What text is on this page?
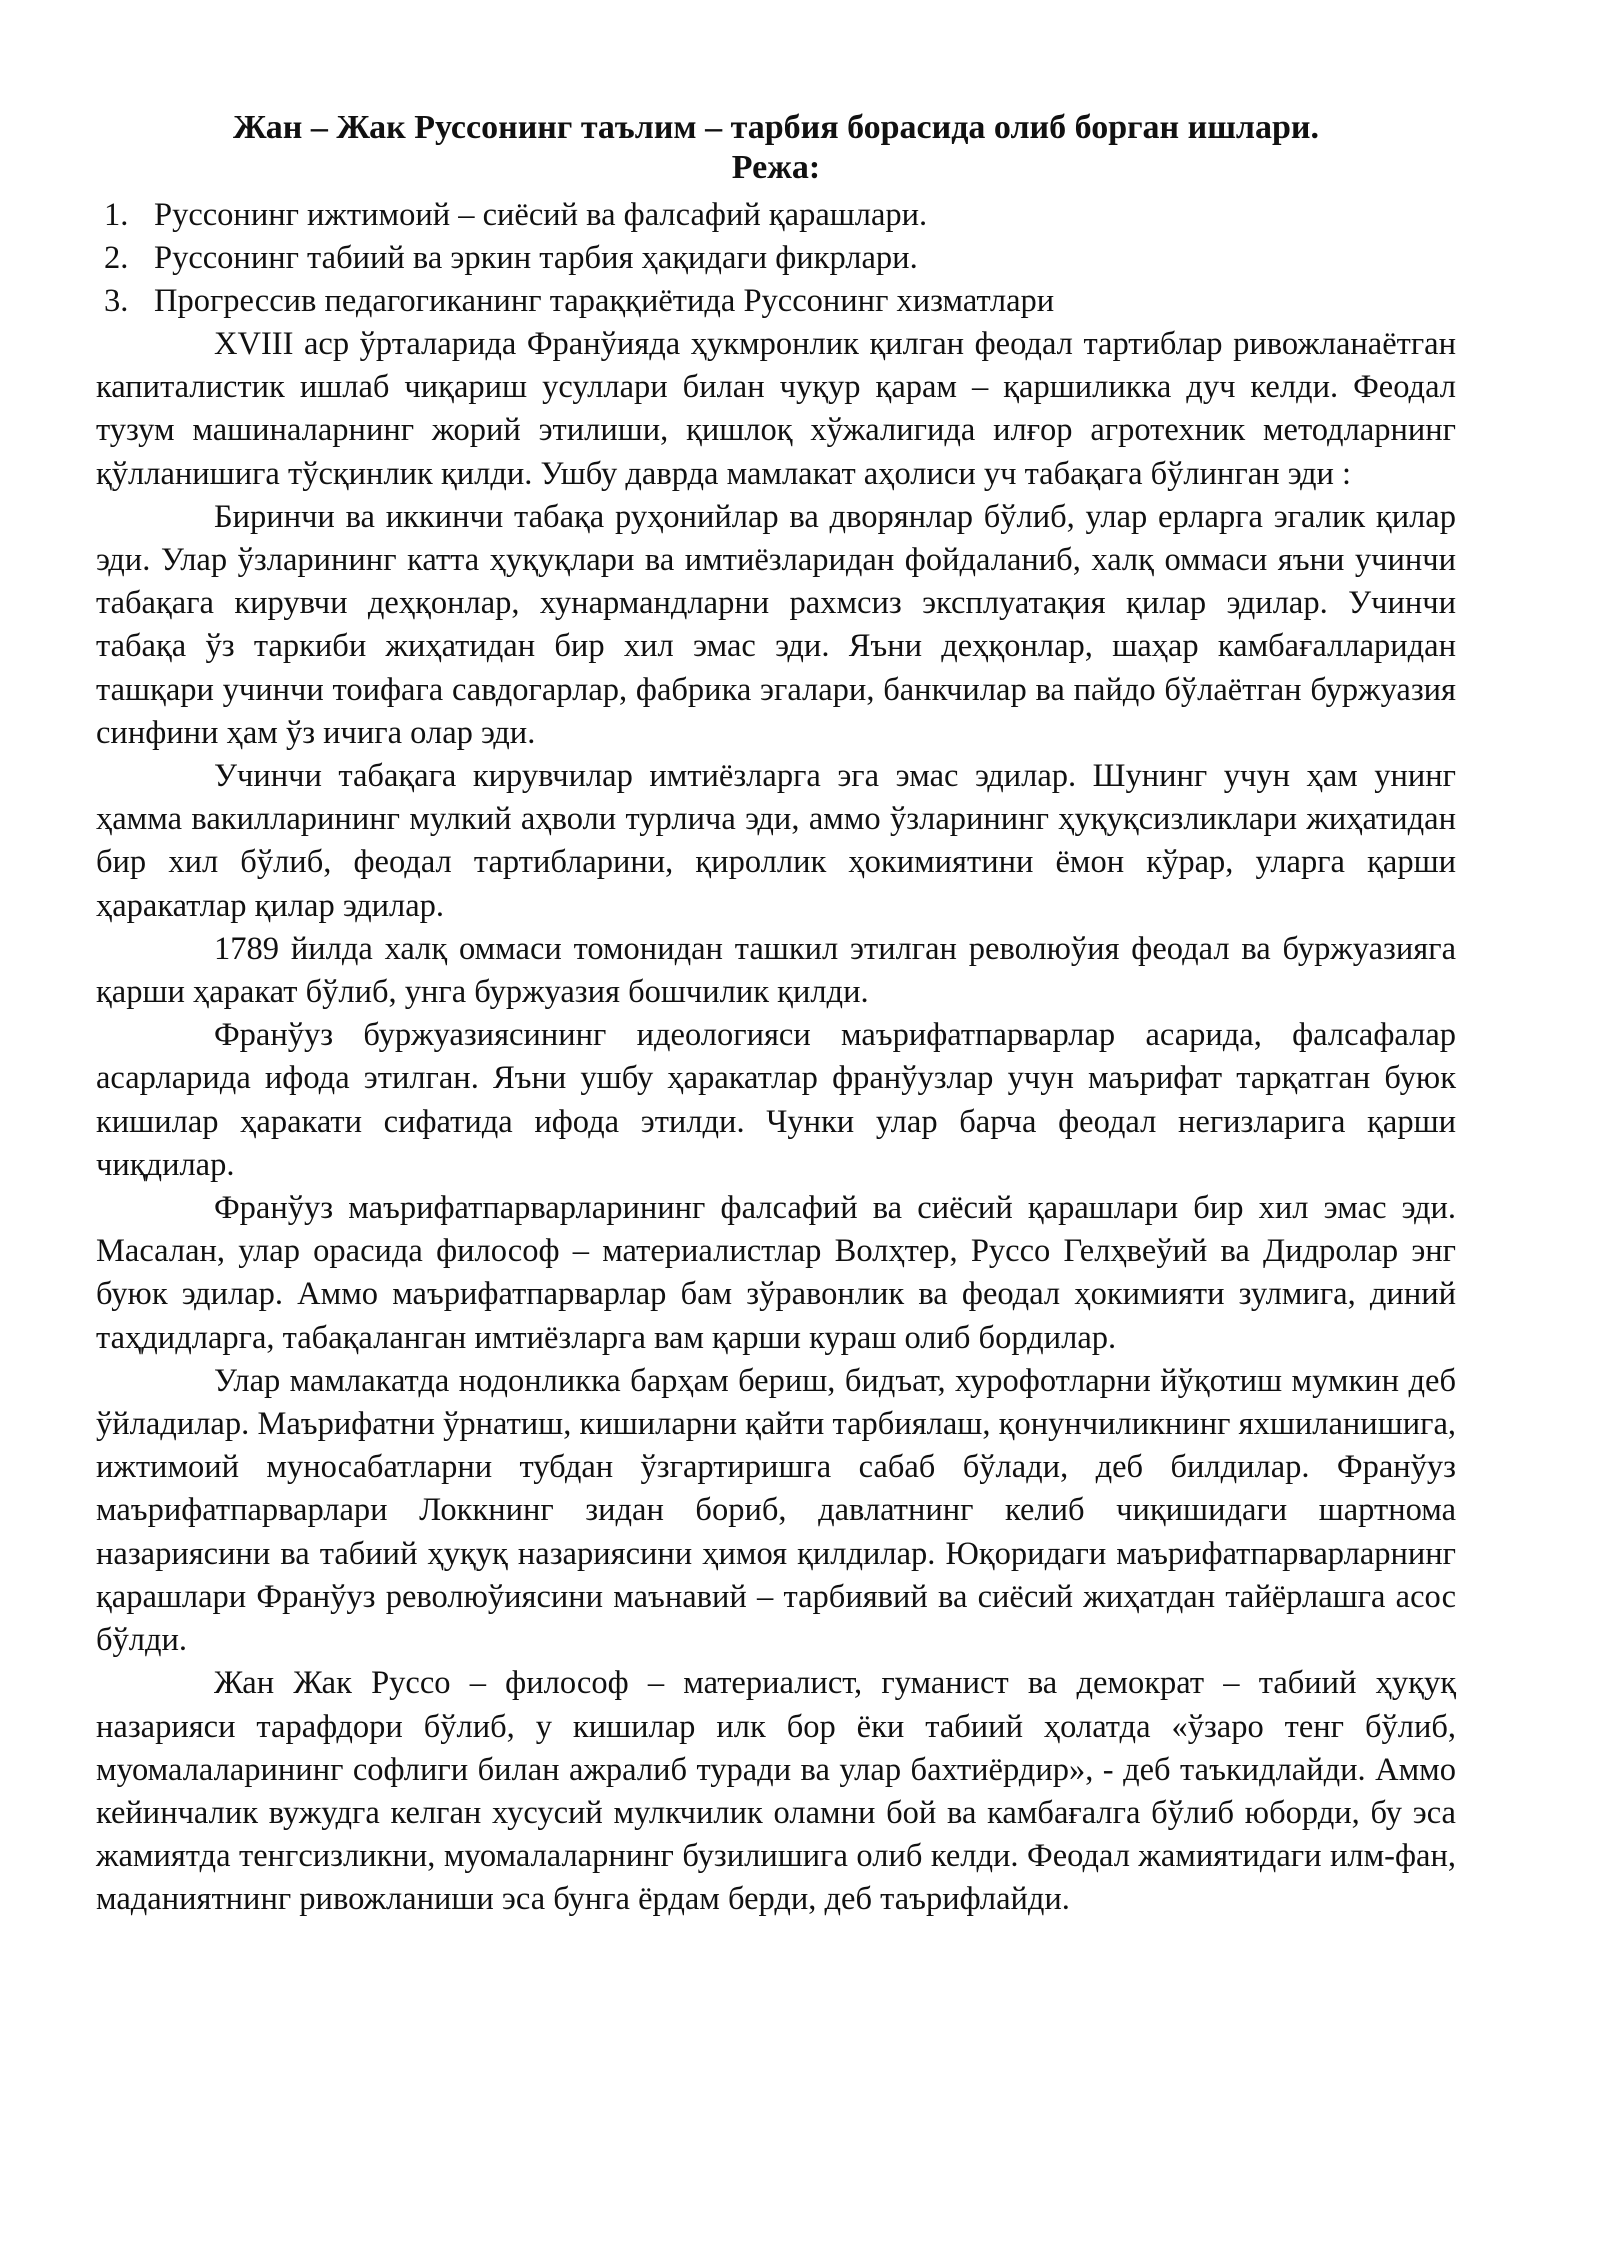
Жан – Жак Руссонинг таълим – тарбия борасида олиб борган ишлари.
Режа:
1. Руссонинг ижтимоий – сиёсий ва фалсафий қарашлари.
2. Руссонинг табиий ва эркин тарбия ҳақидаги фикрлари.
3. Прогрессив педагогиканинг тараққиётида Руссонинг хизматлари

XVIII аср ўрталарида Франўияда ҳукмронлик қилган феодал тартиблар ривожланаётган капиталистик ишлаб чиқариш усуллари билан чуқур қарам – қаршиликка дуч келди. Феодал тузум машиналарнинг жорий этилиши, қишлоқ хўжалигида илғор агротехник методларнинг қўлланишига тўсқинлик қилди. Ушбу даврда мамлакат аҳолиси уч табақага бўлинган эди :

Биринчи ва иккинчи табақа руҳонийлар ва дворянлар бўлиб, улар ерларга эгалик қилар эди. Улар ўзларининг катта ҳуқуқлари ва имтиёзларидан фойдаланиб, халқ оммаси яъни учинчи табақага кирувчи деҳқонлар, хунармандларни рахмсиз эксплуатақия қилар эдилар. Учинчи табақа ўз таркиби жиҳатидан бир хил эмас эди. Яъни деҳқонлар, шаҳар камбағалларидан ташқари учинчи тоифага савдогарлар, фабрика эгалари, банкчилар ва пайдо бўлаётган буржуазия синфини ҳам ўз ичига олар эди.

Учинчи табақага кирувчилар имтиёзларга эга эмас эдилар. Шунинг учун ҳам унинг ҳамма вакилларининг мулкий аҳволи турлича эди, аммо ўзларининг ҳуқуқсизликлари жиҳатидан бир хил бўлиб, феодал тартибларини, қироллик ҳокимиятини ёмон кўрар, уларга қарши ҳаракатлар қилар эдилар.

1789 йилда халқ оммаси томонидан ташкил этилган революўия феодал ва буржуазияга қарши ҳаракат бўлиб, унга буржуазия бошчилик қилди.

Франўуз буржуазиясининг идеологияси маърифатпарварлар асарида, фалсафалар асарларида ифода этилган. Яъни ушбу ҳаракатлар франўузлар учун маърифат тарқатган буюк кишилар ҳаракати сифатида ифода этилди. Чунки улар барча феодал негизларига қарши чиқдилар.

Франўуз маърифатпарварларининг фалсафий ва сиёсий қарашлари бир хил эмас эди. Масалан, улар орасида философ – материалистлар Волҳтер, Руссо Гелҳвеўий ва Дидролар энг буюк эдилар. Аммо маърифатпарварлар бам зўравонлик ва феодал ҳокимияти зулмига, диний таҳдидларга, табақаланган имтиёзларга вам қарши кураш олиб бордилар.

Улар мамлакатда нодонликка барҳам бериш, бидъат, хурофотларни йўқотиш мумкин деб ўйладилар. Маърифатни ўрнатиш, кишиларни қайти тарбиялаш, қонунчиликнинг яхшиланишига, ижтимоий муносабатларни тубдан ўзгартиришга сабаб бўлади, деб билдилар. Франўуз маърифатпарварлари Локкнинг зидан бориб, давлатнинг келиб чиқишидаги шартнома назариясини ва табиий ҳуқуқ назариясини ҳимоя қилдилар. Юқоридаги маърифатпарварларнинг қарашлари Франўуз революўиясини маънавий – тарбиявий ва сиёсий жиҳатдан тайёрлашга асос бўлди.

Жан Жак Руссо – философ – материалист, гуманист ва демократ – табиий ҳуқуқ назарияси тарафдори бўлиб, у кишилар илк бор ёки табиий ҳолатда «ўзаро тенг бўлиб, муомалаларининг софлиги билан ажралиб туради ва улар бахтиёрдир», - деб таъкидлайди. Аммо кейинчалик вужудга келган хусусий мулкчилик оламни бой ва камбағалга бўлиб юборди, бу эса жамиятда тенгсизликни, муомалаларнинг бузилишига олиб келди. Феодал жамиятидаги илм-фан, маданиятнинг ривожланиши эса бунга ёрдам берди, деб таърифлайди.
